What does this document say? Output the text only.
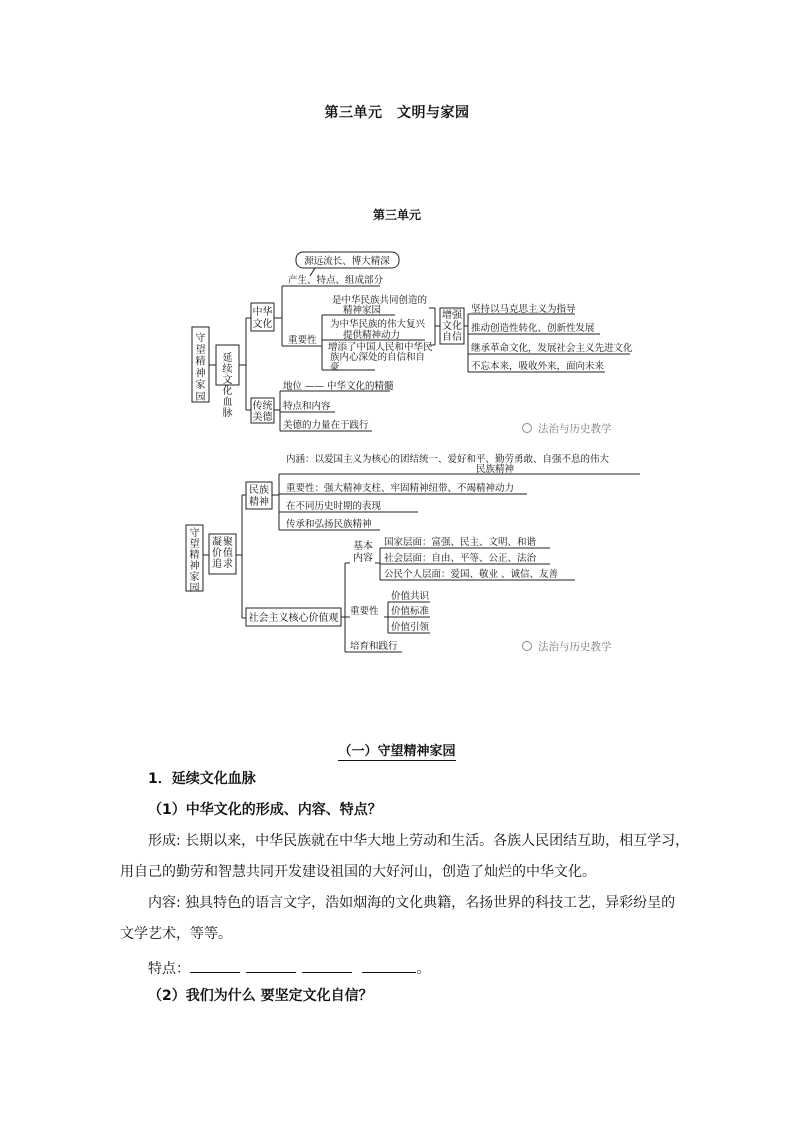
第三单元　文明与家园
第三单元
守
望
精
神
家
园
延
续
文
化
血
脉
中 华
文 化
传 统
美 德
增 强
文 化
自 信
源远流长、博大精深
产生、特点、组成部分
重要性
是中华民族共同创造的
精神家园
为中华民族的伟大复兴
提供精神动力
增添了中国人民和中华民
族内心深处的自信和自
豪
坚持以马克思主义为指导
推动创造性转化、创新性发展
继承革命文化，发展社会主义先进文化
不忘本来，吸收外来，面向未来
地位 —— 中华文化的精髓
特点和内容
美德的力量在于践行	法治与历史教学
守
望
精
神
家
园
凝 聚
价 值
追 求
民 族
精 神
内涵：以爱国主义为核心的团结统一、爱好和平、勤劳勇敢、自强不息的伟大
民族精神
重要性：强大精神支柱、牢固精神纽带、不竭精神动力
在不同历史时期的表现
传承和弘扬民族精神
社会主义核心价值观
基 本
内 容
国家层面：富强、民主、文明、和谐
社会层面：自由、平等、公正、法治
公民个人层面：爱国、敬业 、诚信、友善
重要性
价值共识
价值标准
价值引领
培育和践行	法治与历史教学
（一）守望精神家园
1．延续文化血脉
（1）中华文化的形成、内容、特点？
形成: 长期以来，中华民族就在中华大地上劳动和生活。各族人民团结互助，相互学习，
用自己的勤劳和智慧共同开发建设祖国的大好河山，创造了灿烂的中华文化。
内容: 独具特色的语言文字，浩如烟海的文化典籍，名扬世界的科技工艺，异彩纷呈的
文学艺术，等等。
特点：	。
（2）我们为什么 要坚定文化自信？
